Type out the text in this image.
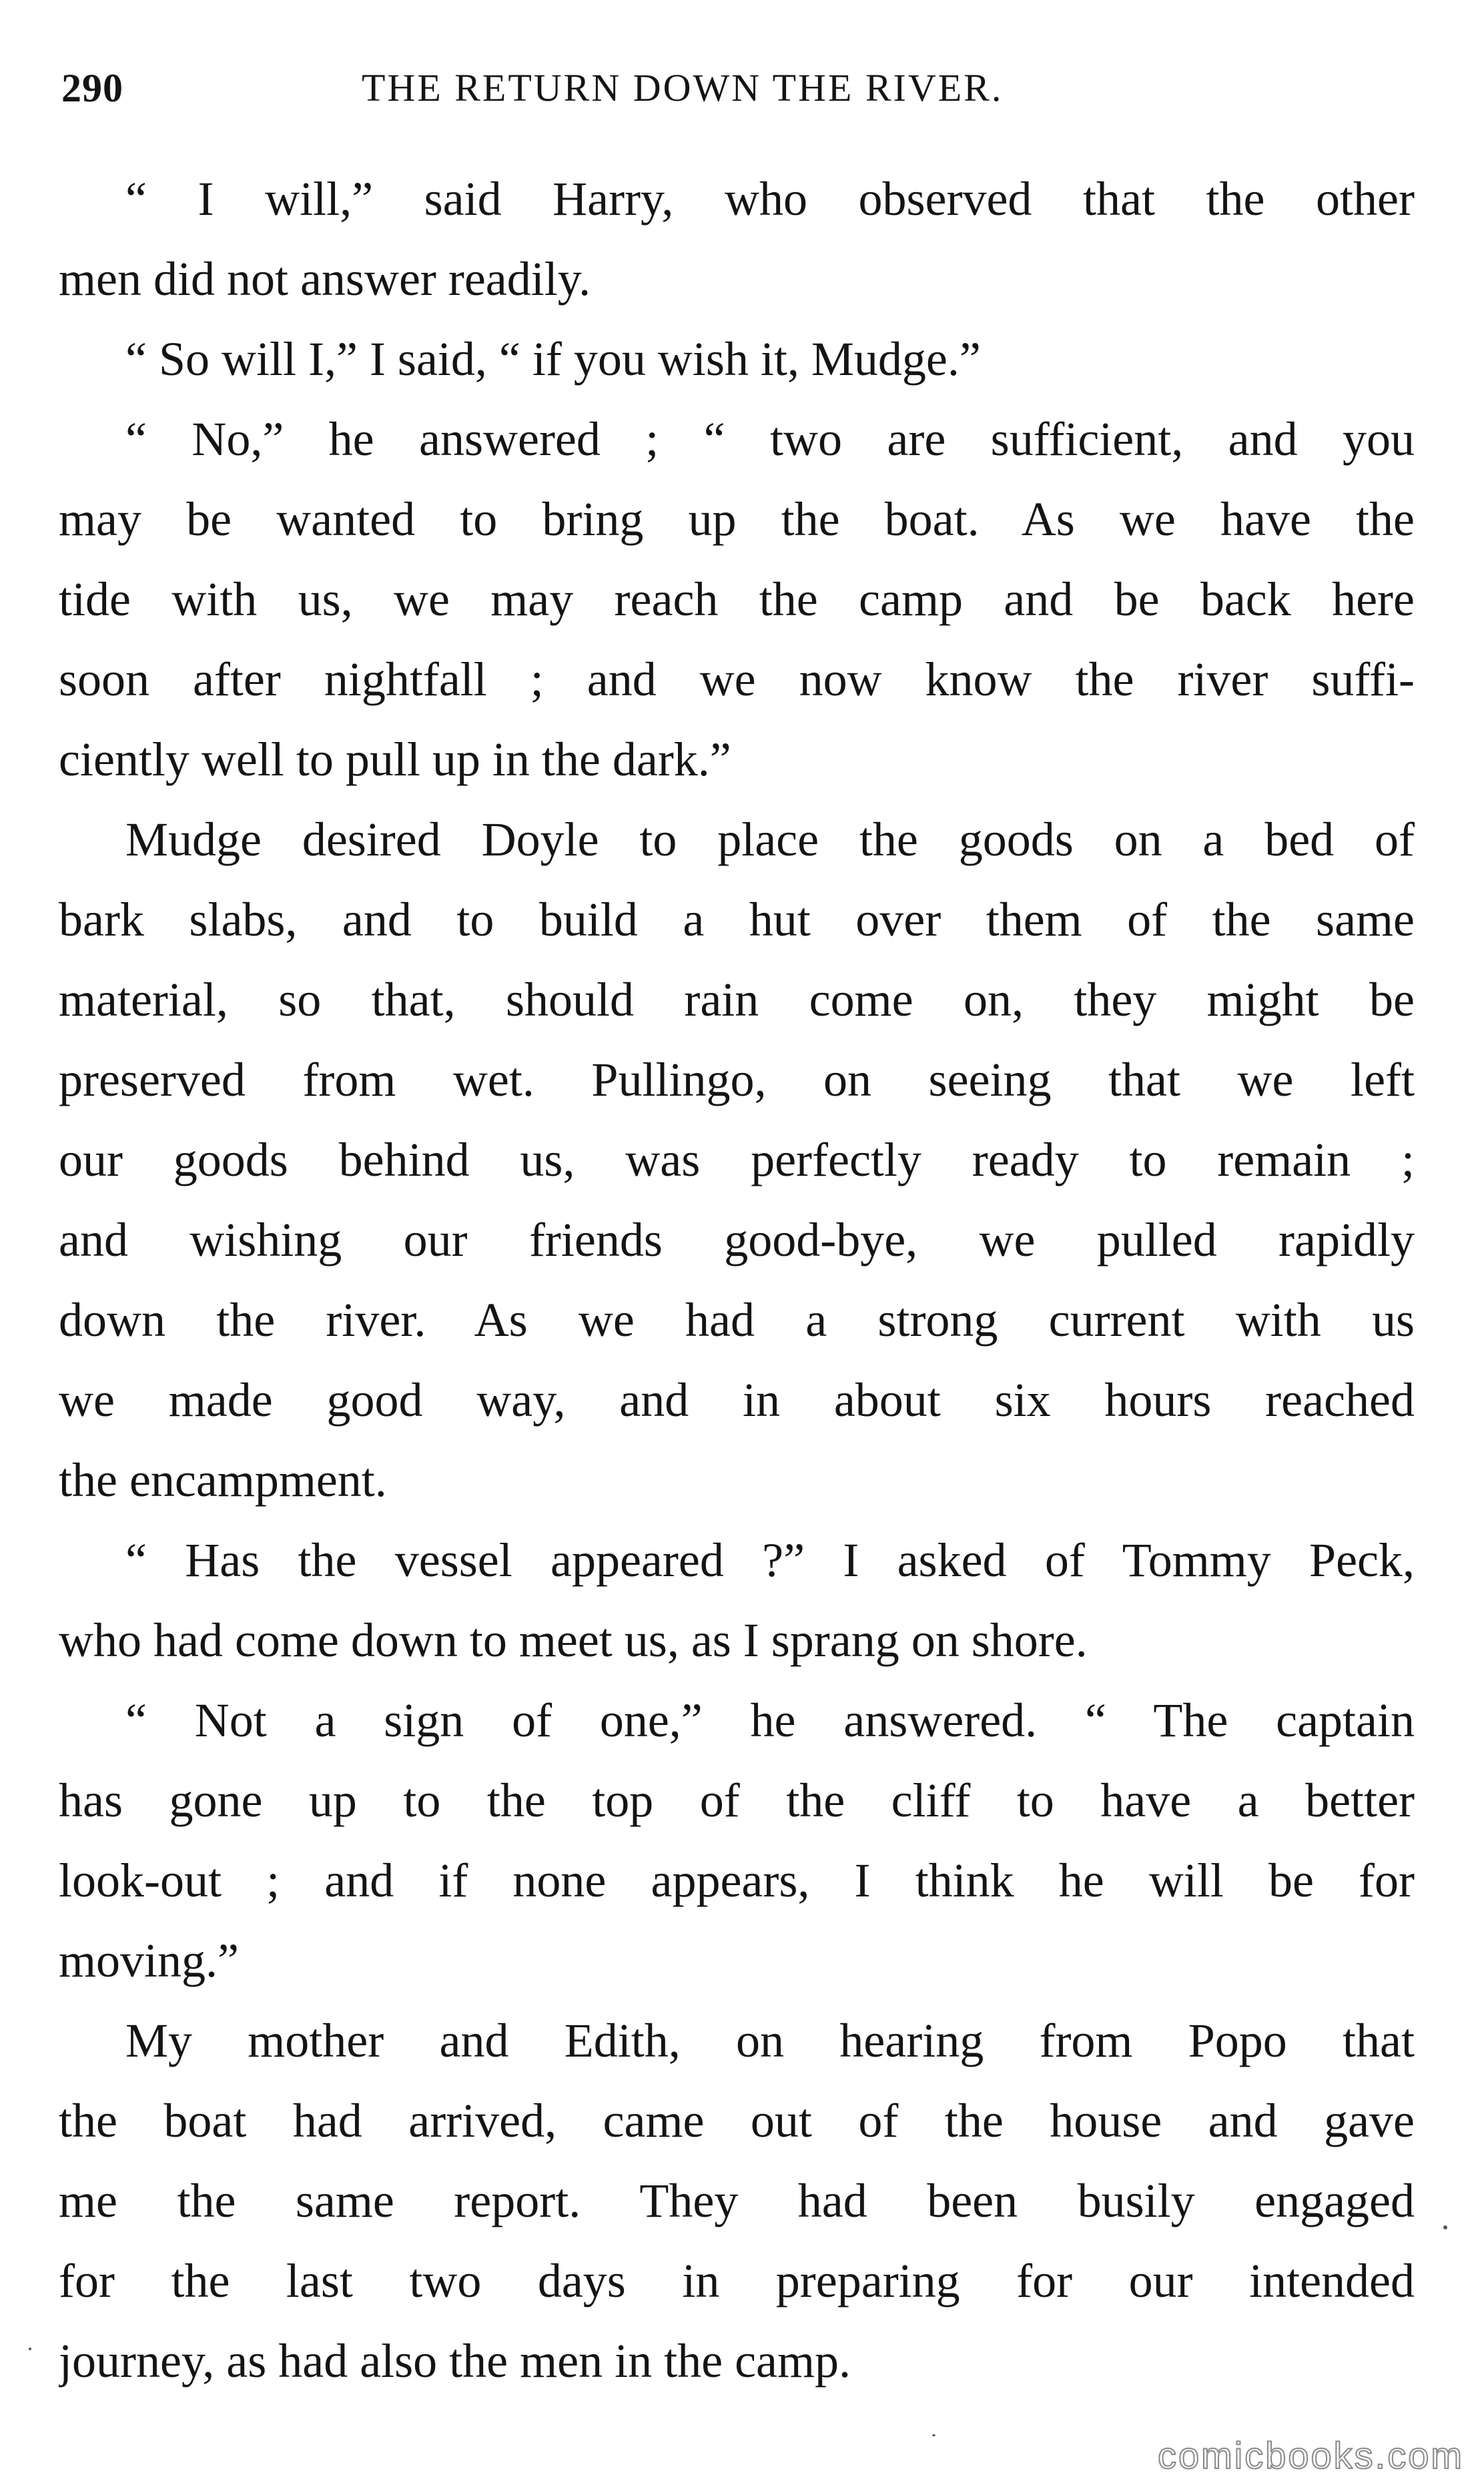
290	THE RETURN DOWN THE RIVER.
“ I will,” said Harry, who observed that the other
men did not answer readily.
“ So will I,” I said, “ if you wish it, Mudge.”
“ No,” he answered ; “ two are sufficient, and you
may be wanted to bring up the boat. As we have the
tide with us, we may reach the camp and be back here
soon after nightfall ; and we now know the river suffi-
ciently well to pull up in the dark.”
Mudge desired Doyle to place the goods on a bed of
bark slabs, and to build a hut over them of the same
material, so that, should rain come on, they might be
preserved from wet. Pullingo, on seeing that we left
our goods behind us, was perfectly ready to remain ;
and wishing our friends good-bye, we pulled rapidly
down the river. As we had a strong current with us
we made good way, and in about six hours reached
the encampment.
“ Has the vessel appeared ?” I asked of Tommy Peck,
who had come down to meet us, as I sprang on shore.
“ Not a sign of one,” he answered. “ The captain
has gone up to the top of the cliff to have a better
look-out ; and if none appears, I think he will be for
moving.”
My mother and Edith, on hearing from Popo that
the boat had arrived, came out of the house and gave
me the same report. They had been busily engaged
for the last two days in preparing for our intended
journey, as had also the men in the camp.
comicbooks.com
